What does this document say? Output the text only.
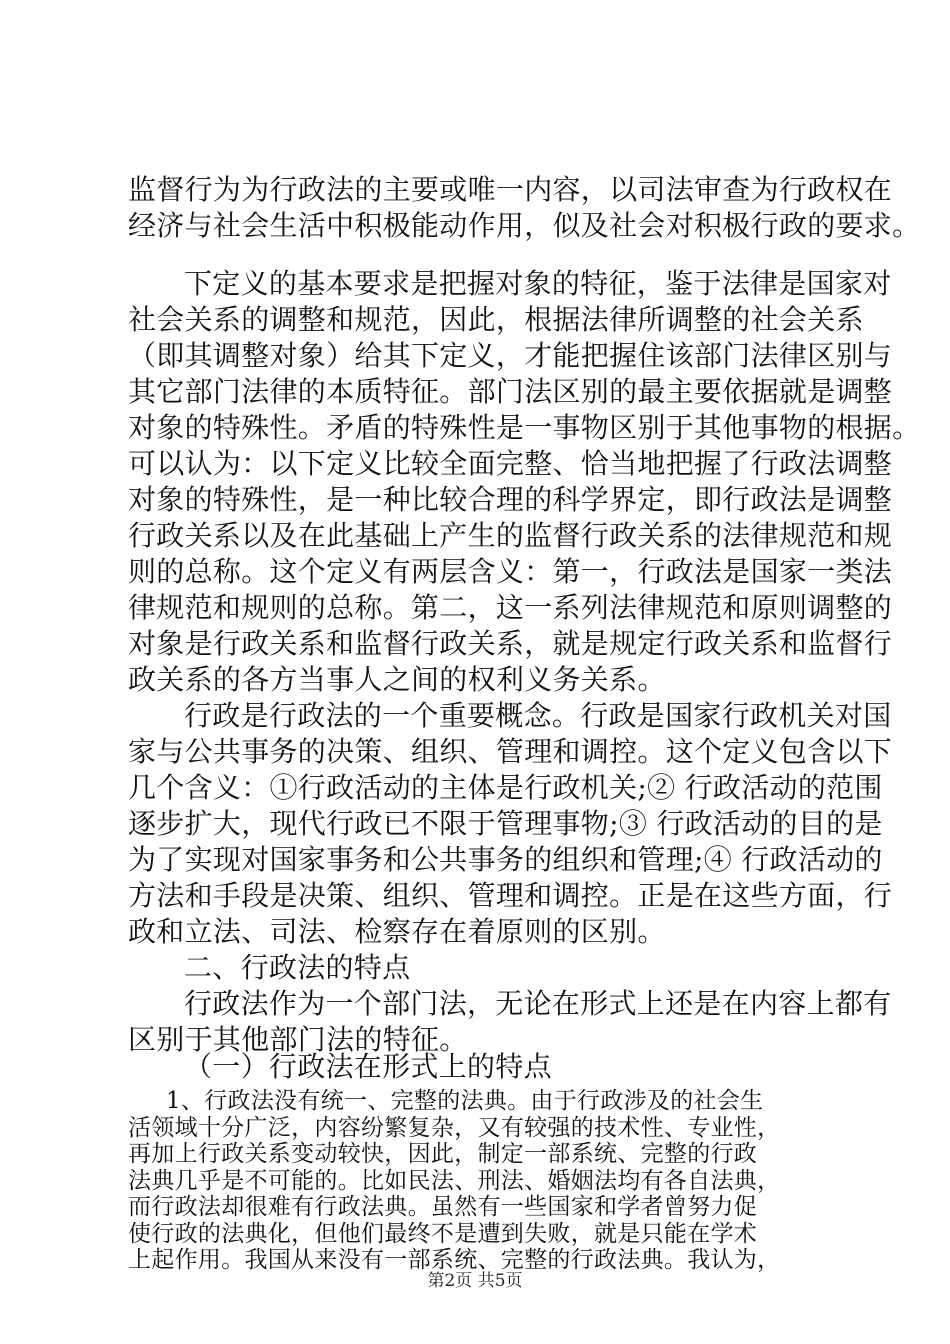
监督行为为行政法的主要或唯一内容，以司法审查为行政权在
经济与社会生活中积极能动作用，似及社会对积极行政的要求。
下定义的基本要求是把握对象的特征，鉴于法律是国家对
社会关系的调整和规范，因此，根据法律所调整的社会关系
（即其调整对象）给其下定义，才能把握住该部门法律区别与
其它部门法律的本质特征。部门法区别的最主要依据就是调整
对象的特殊性。矛盾的特殊性是一事物区别于其他事物的根据。
可以认为：以下定义比较全面完整、恰当地把握了行政法调整
对象的特殊性，是一种比较合理的科学界定，即行政法是调整
行政关系以及在此基础上产生的监督行政关系的法律规范和规
则的总称。这个定义有两层含义：第一，行政法是国家一类法
律规范和规则的总称。第二，这一系列法律规范和原则调整的
对象是行政关系和监督行政关系，就是规定行政关系和监督行
政关系的各方当事人之间的权利义务关系。
行政是行政法的一个重要概念。行政是国家行政机关对国
家与公共事务的决策、组织、管理和调控。这个定义包含以下
几个含义：①行政活动的主体是行政机关;② 行政活动的范围
逐步扩大，现代行政已不限于管理事物;③ 行政活动的目的是
为了实现对国家事务和公共事务的组织和管理;④ 行政活动的
方法和手段是决策、组织、管理和调控。正是在这些方面，行
政和立法、司法、检察存在着原则的区别。
二、行政法的特点
行政法作为一个部门法，无论在形式上还是在内容上都有
区别于其他部门法的特征。
（一）行政法在形式上的特点
第2页 共5页
1、行政法没有统一、完整的法典。由于行政涉及的社会生
活领域十分广泛，内容纷繁复杂，又有较强的技术性、专业性，
再加上行政关系变动较快，因此，制定一部系统、完整的行政
法典几乎是不可能的。比如民法、刑法、婚姻法均有各自法典，
而行政法却很难有行政法典。虽然有一些国家和学者曾努力促
使行政的法典化，但他们最终不是遭到失败，就是只能在学术
上起作用。我国从来没有一部系统、完整的行政法典。我认为，
